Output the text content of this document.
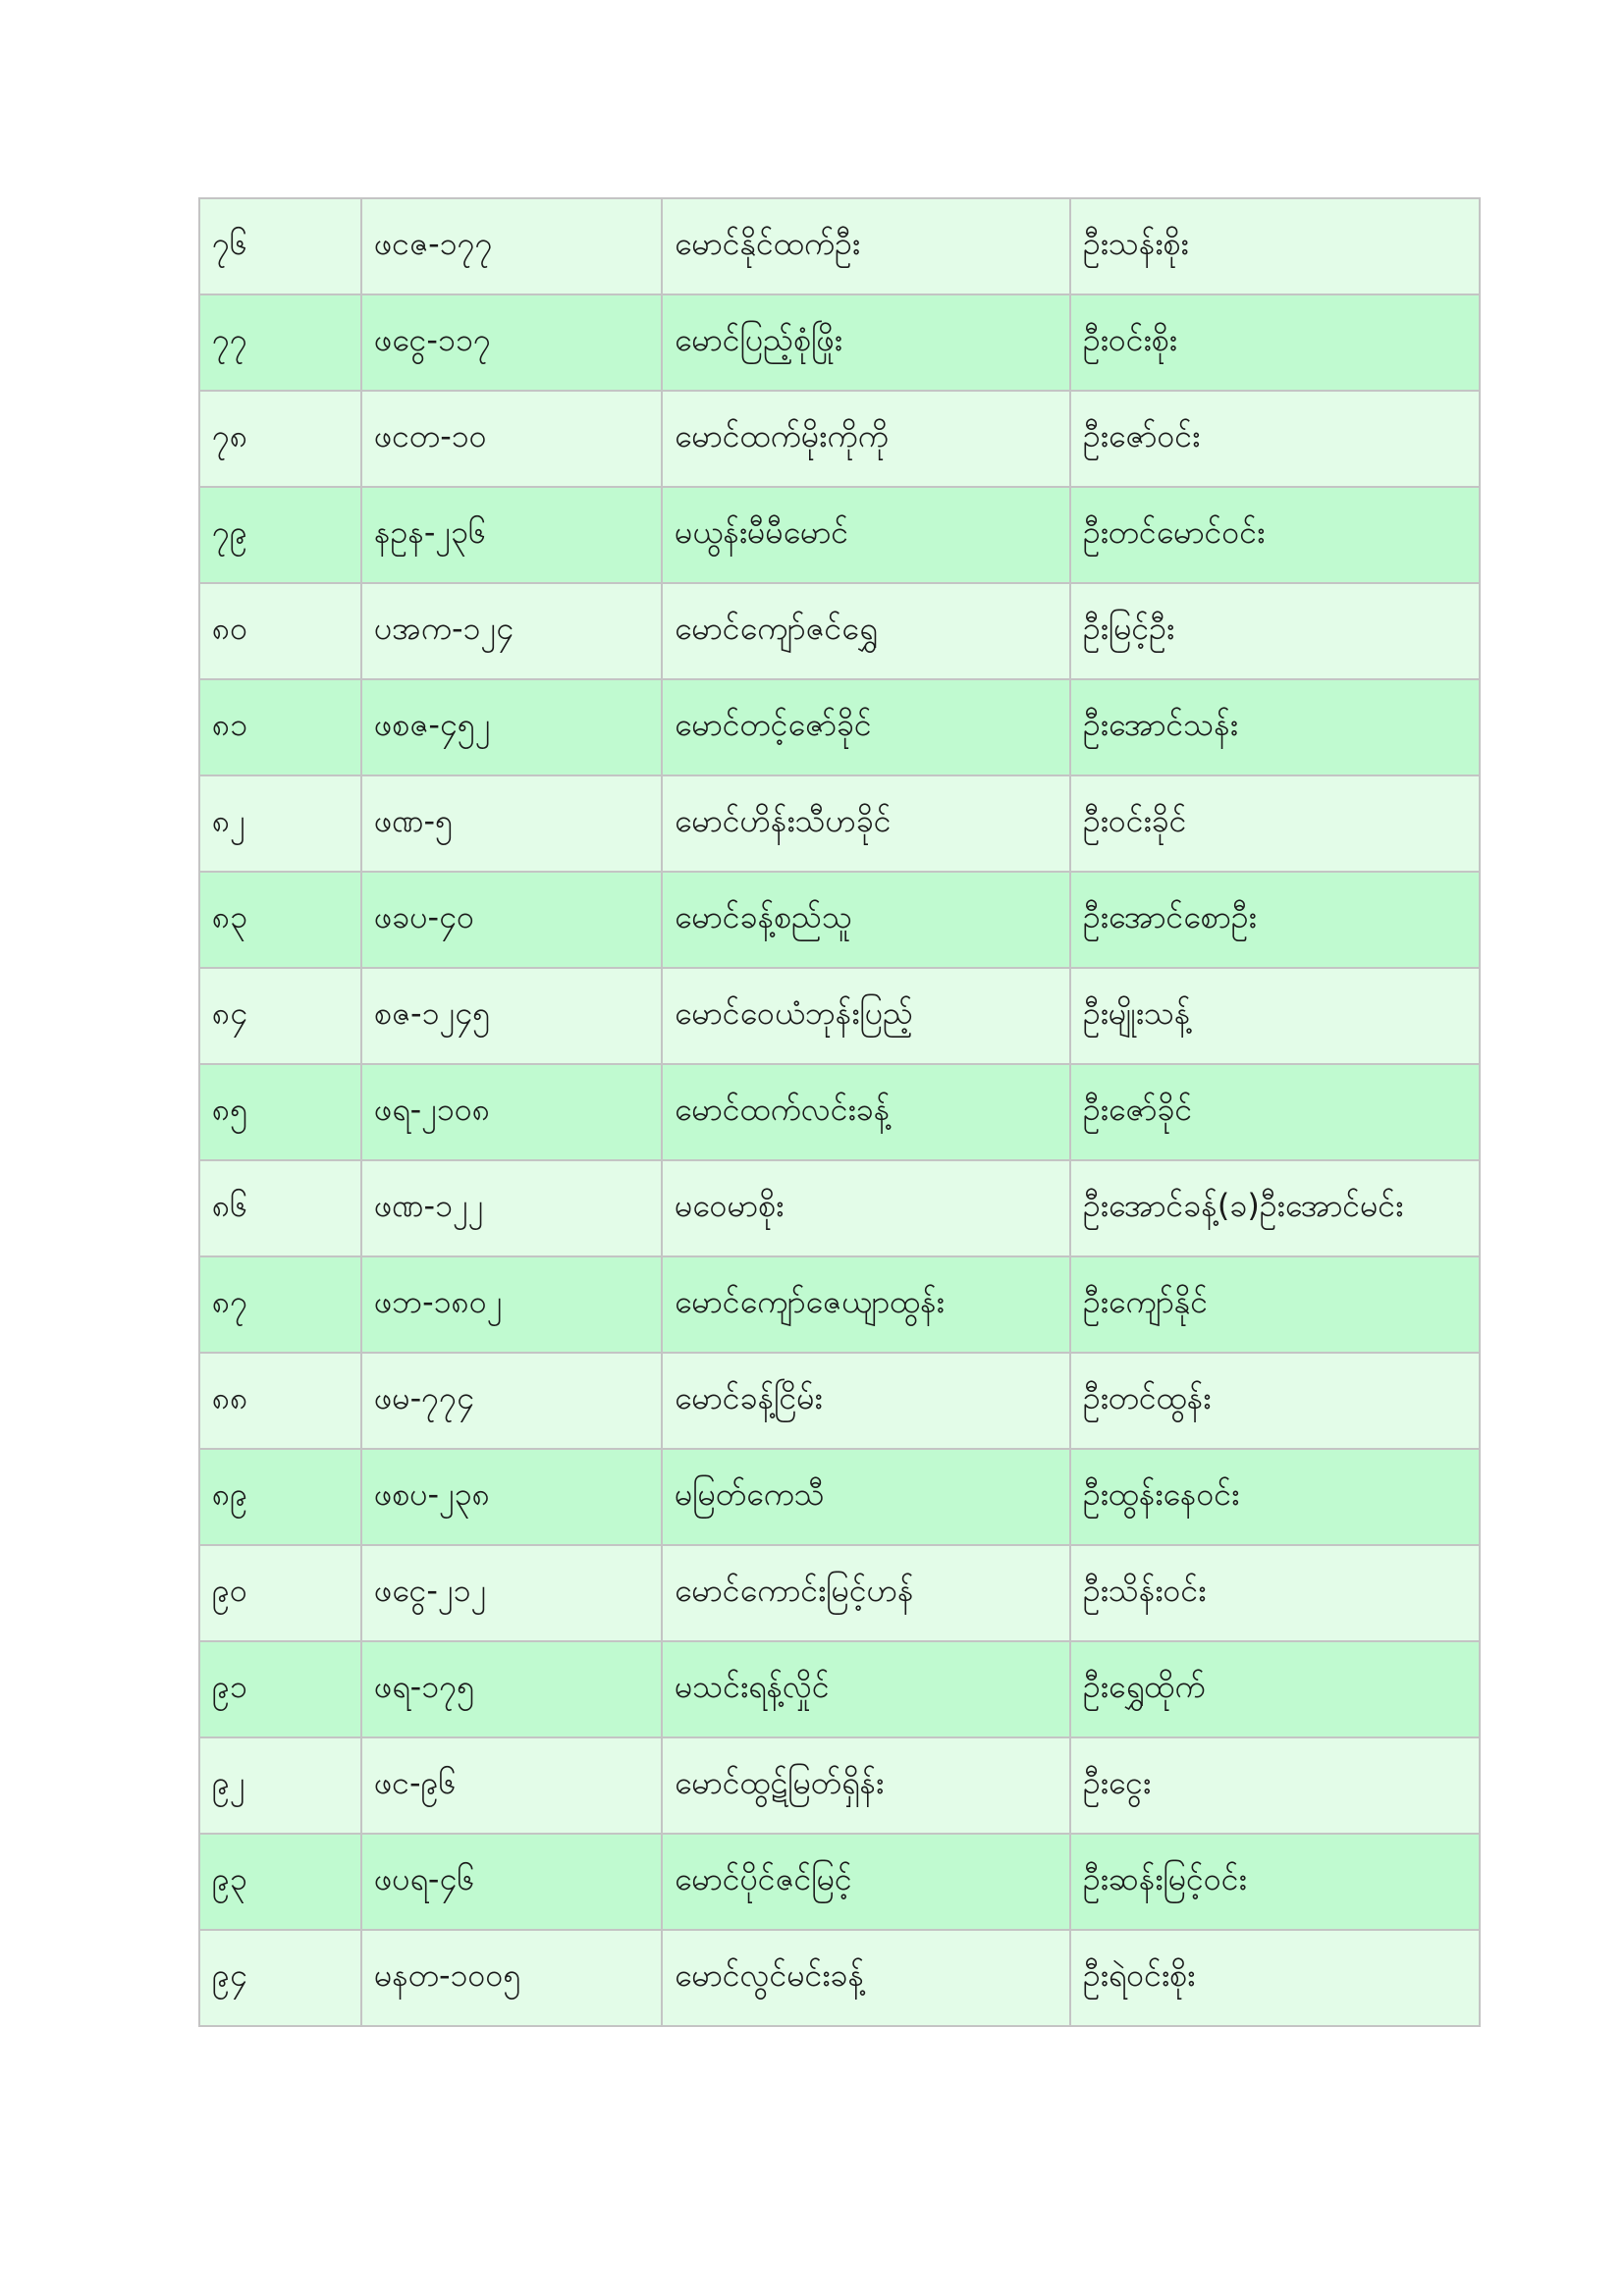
၇၆	ဖငဇ-၁၇၇	မောင်နိုင်ထက်ဦး	ဦးသန်းစိုး
၇၇	ဖငွေ-၁၁၇	မောင်ပြည့်စုံဖြိုး	ဦးဝင်းစိုး
၇၈	ဖငတ-၁၀	မောင်ထက်မိုးကိုကို	ဦးဇော်ဝင်း
၇၉	နဥန-၂၃၆	မယွန်းမီမီမောင်	ဦးတင်မောင်ဝင်း
၈၀	ပအက-၁၂၄	မောင်ကျော်ဇင်ရွှေ	ဦးမြင့်ဦး
၈၁	ဖစဇ-၄၅၂	မောင်တင့်ဇော်ခိုင်	ဦးအောင်သန်း
၈၂	ဖဏ-၅	မောင်ဟိန်းသီဟခိုင်	ဦးဝင်းခိုင်
၈၃	ဖခပ-၄၀	မောင်ခန့်စည်သူ	ဦးအောင်စောဦး
၈၄	စဇ-၁၂၄၅	မောင်ဝေယံဘုန်းပြည့်	ဦးမျိုးသန့်
၈၅	ဖရ-၂၁၀၈	မောင်ထက်လင်းခန့်	ဦးဇော်ခိုင်
၈၆	ဖဏ-၁၂၂	မဝေမာစိုး	ဦးအောင်ခန့်(ခ)ဦးအောင်မင်း
၈၇	ဖဘ-၁၈၀၂	မောင်ကျော်ဇေယျာထွန်း	ဦးကျော်နိုင်
၈၈	ဖမ-၇၇၄	မောင်ခန့်ငြိမ်း	ဦးတင်ထွန်း
၈၉	ဖစပ-၂၃၈	မမြတ်ကေသီ	ဦးထွန်းနေဝင်း
၉၀	ဖငွေ-၂၁၂	မောင်ကောင်းမြင့်ဟန်	ဦးသိန်းဝင်း
၉၁	ဖရ-၁၇၅	မသင်းရန့်လှိုင်	ဦးရွှေထိုက်
၉၂	ဖင-၉၆	မောင်ထွဋ်မြတ်ရှိန်း	ဦးငွေး
၉၃	ဖပရ-၄၆	မောင်ပိုင်ဇင်မြင့်	ဦးဆန်းမြင့်ဝင်း
၉၄	မနတ-၁၀၀၅	မောင်လွင်မင်းခန့်	ဦးရဲဝင်းစိုး
